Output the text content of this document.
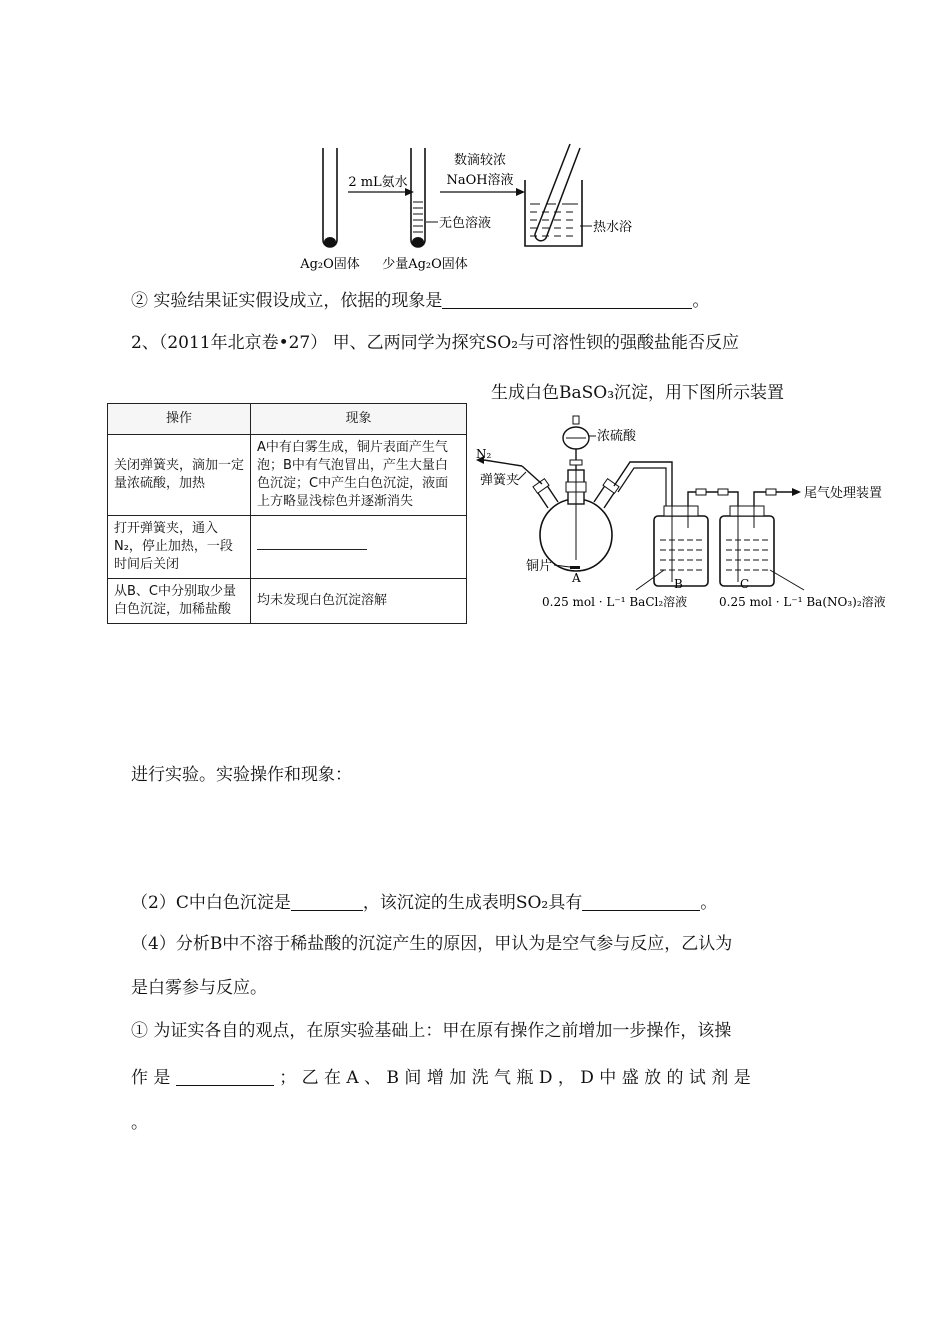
2 mL氨水
无色溶液
数滴较浓
NaOH溶液
热水浴
Ag₂O固体 少量Ag₂O固体
② 实验结果证实假设成立，依据的现象是	。
2、（2011年北京卷•27） 甲、乙两同学为探究SO₂与可溶性钡的强酸盐能否反应
生成白色BaSO₃沉淀，用下图所示装置
操作	现象
关闭弹簧夹，滴加一定量浓硫酸，加热	A中有白雾生成，铜片表面产生气泡；B中有气泡冒出，产生大量白色沉淀；C中产生白色沉淀，液面上方略显浅棕色并逐渐消失
打开弹簧夹，通入N₂，停止加热，一段时间后关闭	
从B、C中分别取少量白色沉淀，加稀盐酸	均未发现白色沉淀溶解
浓硫酸
N₂
弹簧夹
尾气处理装置
铜片
A	B	C
0.25 mol · L⁻¹ BaCl₂溶液	0.25 mol · L⁻¹ Ba(NO₃)₂溶液
进行实验。实验操作和现象：
（2）C中白色沉淀是	，该沉淀的生成表明SO₂具有	。
（4）分析B中不溶于稀盐酸的沉淀产生的原因，甲认为是空气参与反应，乙认为
是白雾参与反应。
① 为证实各自的观点，在原实验基础上：甲在原有操作之前增加一步操作，该操
作 是	； 乙 在 A 、 B 间 增 加 洗 气 瓶 D ， D 中 盛 放 的 试 剂 是
。
